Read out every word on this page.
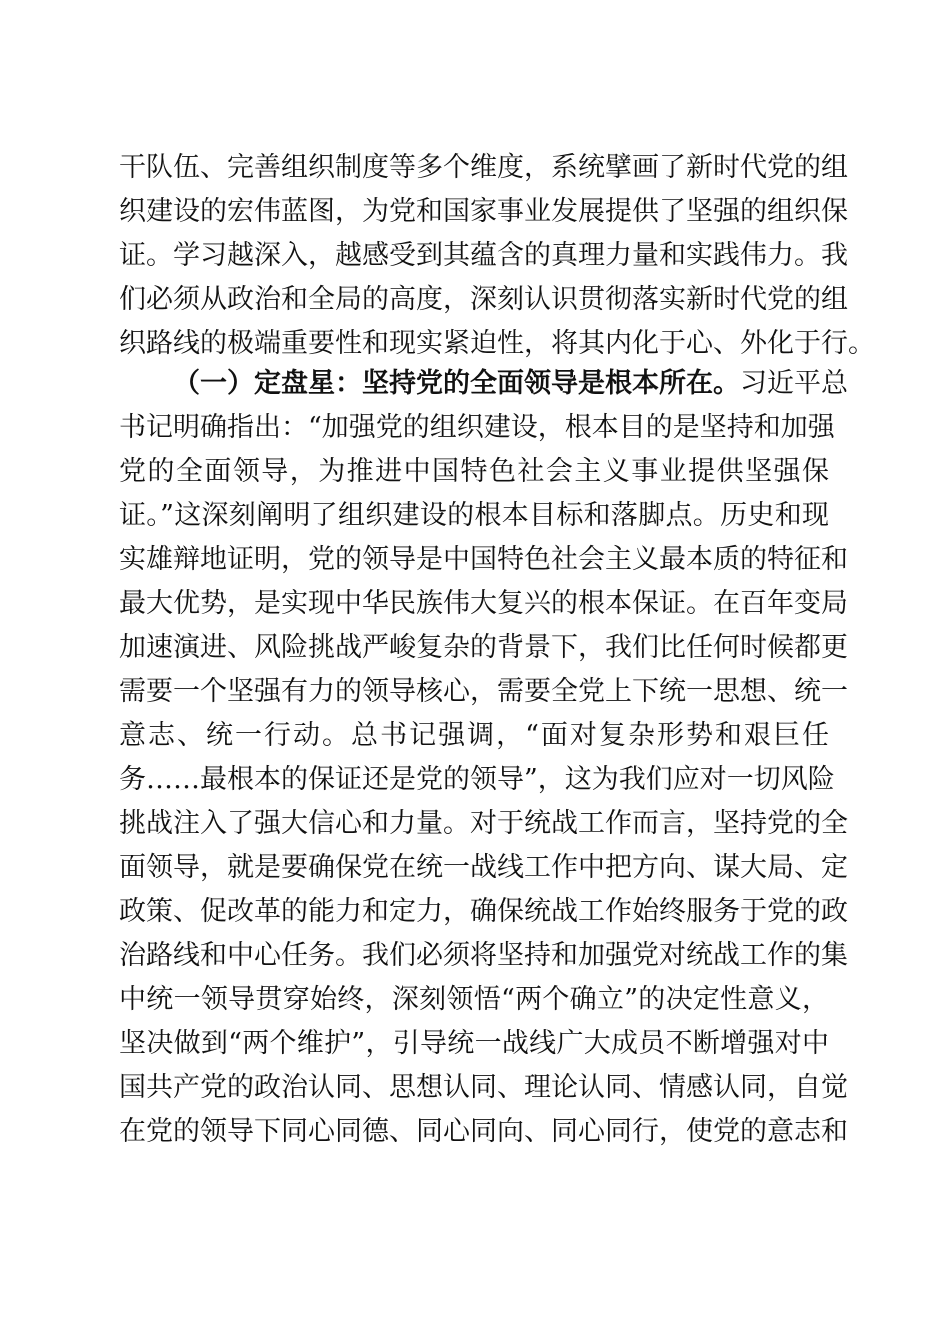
干队伍、完善组织制度等多个维度，系统擘画了新时代党的组
织建设的宏伟蓝图，为党和国家事业发展提供了坚强的组织保
证。学习越深入，越感受到其蕴含的真理力量和实践伟力。我
们必须从政治和全局的高度，深刻认识贯彻落实新时代党的组
织路线的极端重要性和现实紧迫性，将其内化于心、外化于行。
（一）定盘星：坚持党的全面领导是根本所在。习近平总
书记明确指出：“加强党的组织建设，根本目的是坚持和加强
党的全面领导，为推进中国特色社会主义事业提供坚强保
证。”这深刻阐明了组织建设的根本目标和落脚点。历史和现
实雄辩地证明，党的领导是中国特色社会主义最本质的特征和
最大优势，是实现中华民族伟大复兴的根本保证。在百年变局
加速演进、风险挑战严峻复杂的背景下，我们比任何时候都更
需要一个坚强有力的领导核心，需要全党上下统一思想、统一
意志、统一行动。总书记强调，“面对复杂形势和艰巨任
务……最根本的保证还是党的领导”，这为我们应对一切风险
挑战注入了强大信心和力量。对于统战工作而言，坚持党的全
面领导，就是要确保党在统一战线工作中把方向、谋大局、定
政策、促改革的能力和定力，确保统战工作始终服务于党的政
治路线和中心任务。我们必须将坚持和加强党对统战工作的集
中统一领导贯穿始终，深刻领悟“两个确立”的决定性意义，
坚决做到“两个维护”，引导统一战线广大成员不断增强对中
国共产党的政治认同、思想认同、理论认同、情感认同，自觉
在党的领导下同心同德、同心同向、同心同行，使党的意志和
